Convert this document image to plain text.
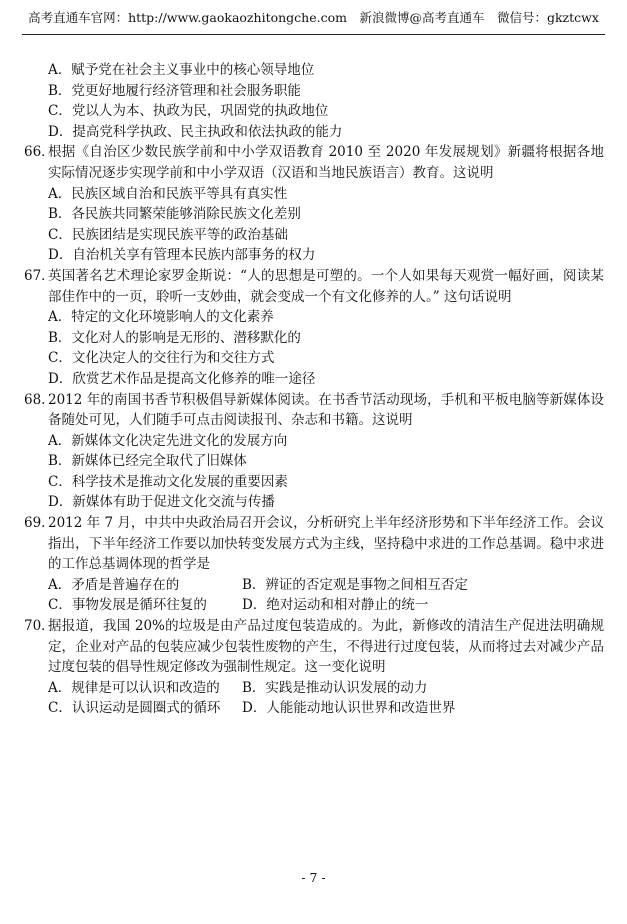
高考直通车官网：http://www.gaokaozhitongche.com　新浪微博@高考直通车　微信号：gkztcwx
A．赋予党在社会主义事业中的核心领导地位
B．党更好地履行经济管理和社会服务职能
C．党以人为本、执政为民，巩固党的执政地位
D．提高党科学执政、民主执政和依法执政的能力
66．
根据《自治区少数民族学前和中小学双语教育 2010 至 2020 年发展规划》新疆将根据各地实际情况逐步实现学前和中小学双语（汉语和当地民族语言）教育。这说明
A．民族区域自治和民族平等具有真实性
B．各民族共同繁荣能够消除民族文化差别
C．民族团结是实现民族平等的政治基础
D．自治机关享有管理本民族内部事务的权力
67．
英国著名艺术理论家罗金斯说：“人的思想是可塑的。一个人如果每天观赏一幅好画，阅读某部佳作中的一页，聆听一支妙曲，就会变成一个有文化修养的人。” 这句话说明
A．特定的文化环境影响人的文化素养
B．文化对人的影响是无形的、潜移默化的
C．文化决定人的交往行为和交往方式
D．欣赏艺术作品是提高文化修养的唯一途径
68. 2012 年的南国书香节积极倡导新媒体阅读。在书香节活动现场，手机和平板电脑等新媒体设备随处可见，人们随手可点击阅读报刊、杂志和书籍。这说明
A．新媒体文化决定先进文化的发展方向
B．新媒体已经完全取代了旧媒体
C．科学技术是推动文化发展的重要因素
D．新媒体有助于促进文化交流与传播
69. 2012 年 7 月，中共中央政治局召开会议，分析研究上半年经济形势和下半年经济工作。会议指出，下半年经济工作要以加快转变发展方式为主线，坚持稳中求进的工作总基调。稳中求进的工作总基调体现的哲学是
A．矛盾是普遍存在的	B．辨证的否定观是事物之间相互否定
C．事物发展是循环往复的	D．绝对运动和相对静止的统一
70．
据报道，我国 20%的垃圾是由产品过度包装造成的。为此，新修改的清洁生产促进法明确规定，企业对产品的包装应减少包装性废物的产生，不得进行过度包装，从而将过去对减少产品过度包装的倡导性规定修改为强制性规定。这一变化说明
A．规律是可以认识和改造的	B．实践是推动认识发展的动力
C．认识运动是圆圈式的循环	D．人能能动地认识世界和改造世界
- 7 -
